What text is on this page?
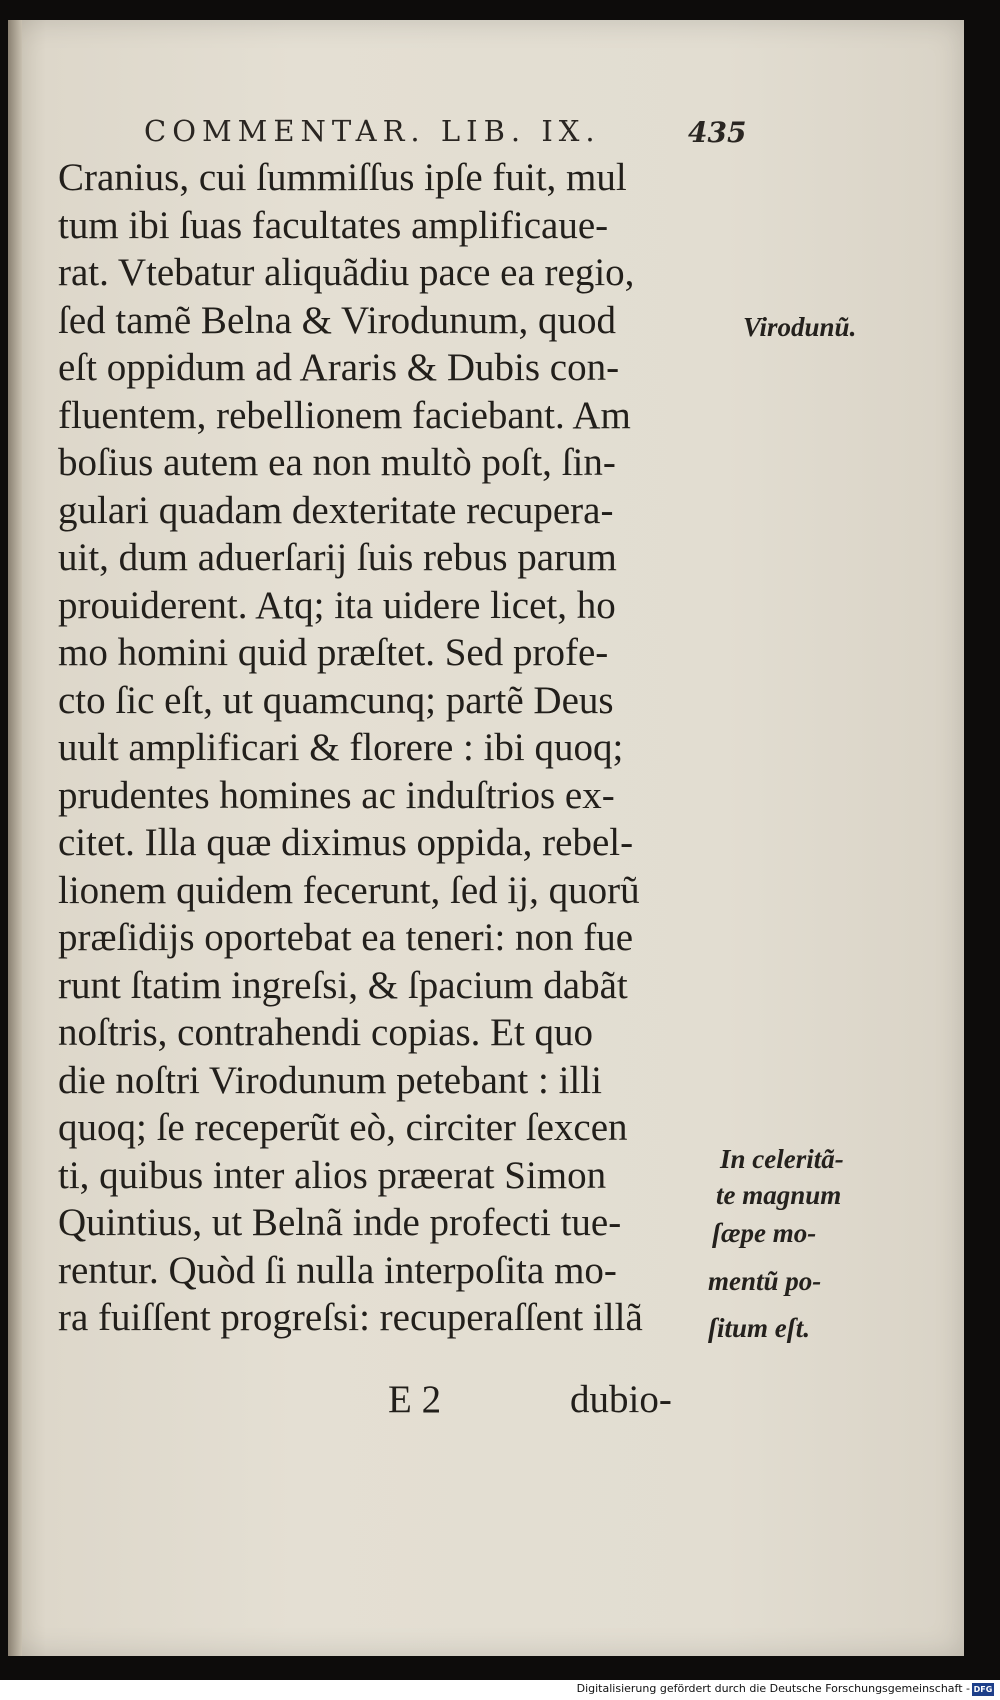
COMMENTAR. LIB. IX.	435
Cranius, cui ſummiſſus ipſe fuit, mul
tum ibi ſuas facultates amplificaue-
rat. Vtebatur aliquãdiu pace ea regio,
ſed tamẽ Belna & Virodunum, quod
eſt oppidum ad Araris & Dubis con-
fluentem, rebellionem faciebant. Am
boſius autem ea non multò poſt, ſin-
gulari quadam dexteritate recupera-
uit, dum aduerſarij ſuis rebus parum
prouiderent. Atq; ita uidere licet, ho
mo homini quid præſtet. Sed profe-
cto ſic eſt, ut quamcunq; partẽ Deus
uult amplificari & florere : ibi quoq;
prudentes homines ac induſtrios ex-
citet. Illa quæ diximus oppida, rebel-
lionem quidem fecerunt, ſed ij, quorũ
præſidijs oportebat ea teneri: non fue
runt ſtatim ingreſsi, & ſpacium dabãt
noſtris, contrahendi copias. Et quo
die noſtri Virodunum petebant : illi
quoq; ſe receperũt eò, circiter ſexcen
ti, quibus inter alios præerat Simon
Quintius, ut Belnã inde profecti tue-
rentur. Quòd ſi nulla interpoſita mo-
ra fuiſſent progreſsi: recuperaſſent illã
Virodunũ.
In celeritã-
te magnum
ſæpe mo-
mentũ po-
ſitum eſt.
E 2	dubio-
Digitalisierung gefördert durch die Deutsche Forschungsgemeinschaft - DFG
